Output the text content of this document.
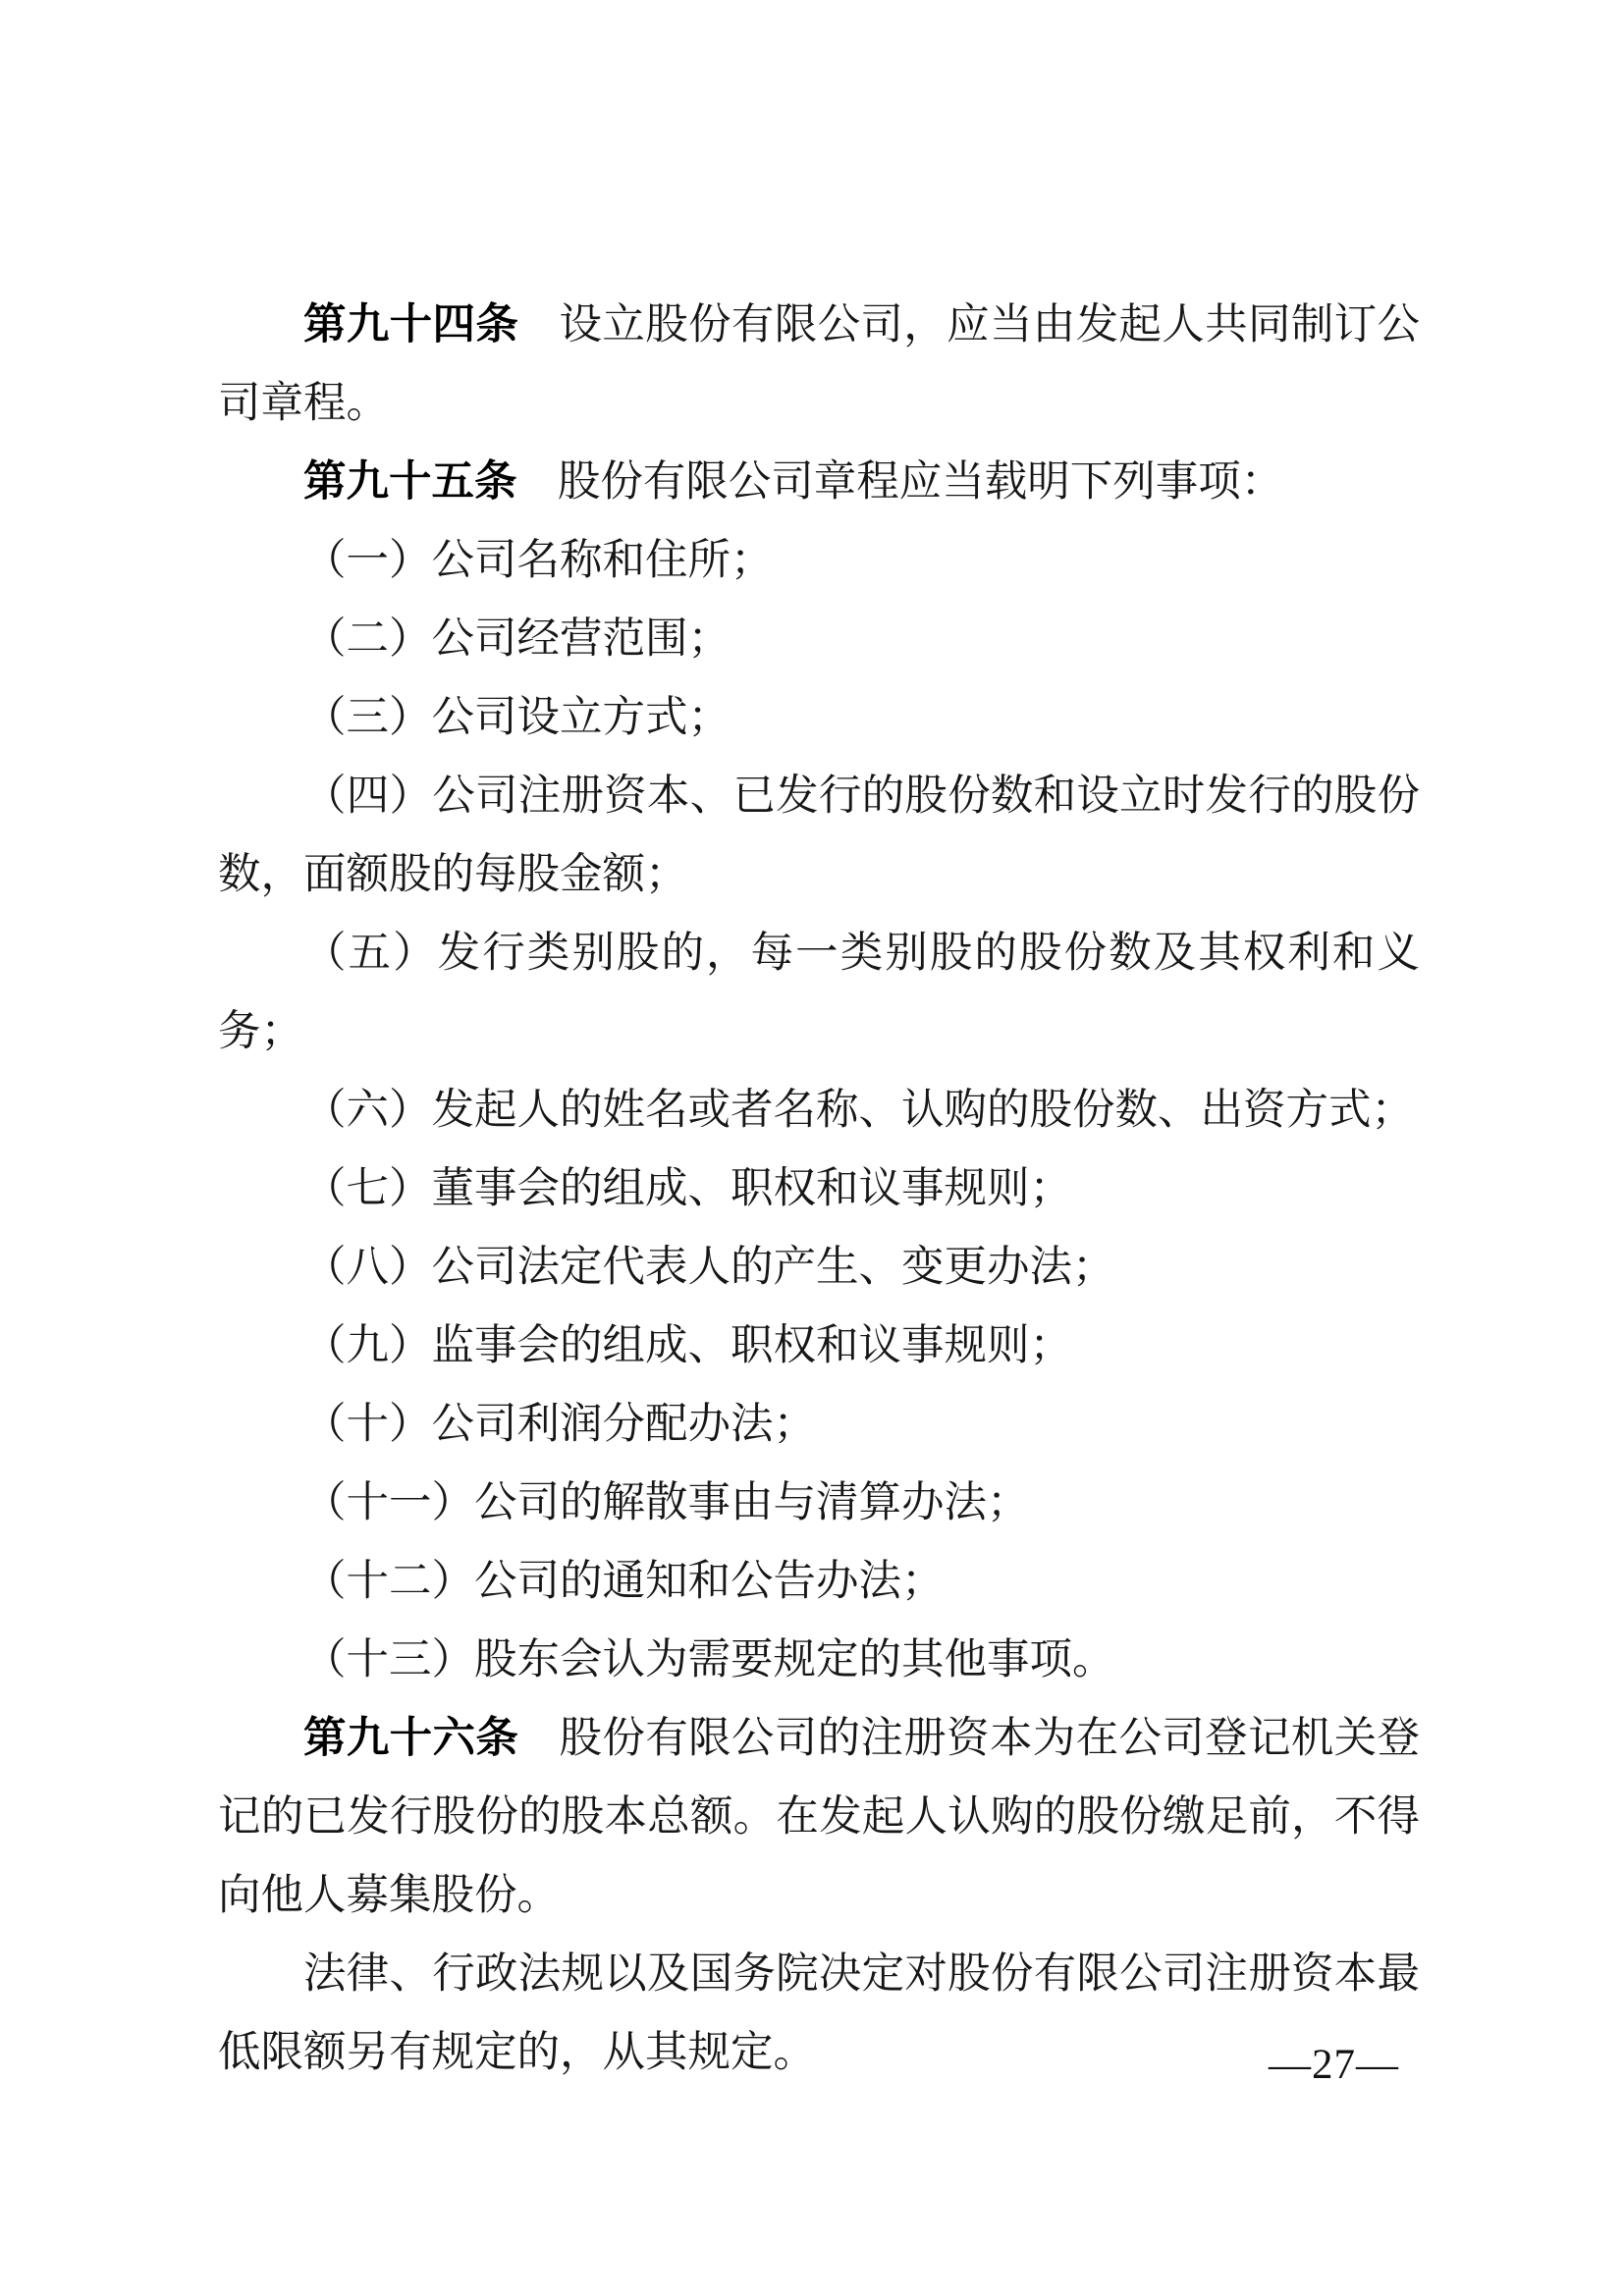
第九十四条 设立股份有限公司，应当由发起人共同制订公司章程。

第九十五条 股份有限公司章程应当载明下列事项：

（一）公司名称和住所；

（二）公司经营范围；

（三）公司设立方式；

（四）公司注册资本、已发行的股份数和设立时发行的股份数，面额股的每股金额；

（五）发行类别股的，每一类别股的股份数及其权利和义务；

（六）发起人的姓名或者名称、认购的股份数、出资方式；

（七）董事会的组成、职权和议事规则；

（八）公司法定代表人的产生、变更办法；

（九）监事会的组成、职权和议事规则；

（十）公司利润分配办法；

（十一）公司的解散事由与清算办法；

（十二）公司的通知和公告办法；

（十三）股东会认为需要规定的其他事项。

第九十六条 股份有限公司的注册资本为在公司登记机关登记的已发行股份的股本总额。在发起人认购的股份缴足前，不得向他人募集股份。

法律、行政法规以及国务院决定对股份有限公司注册资本最低限额另有规定的，从其规定。	—27—
